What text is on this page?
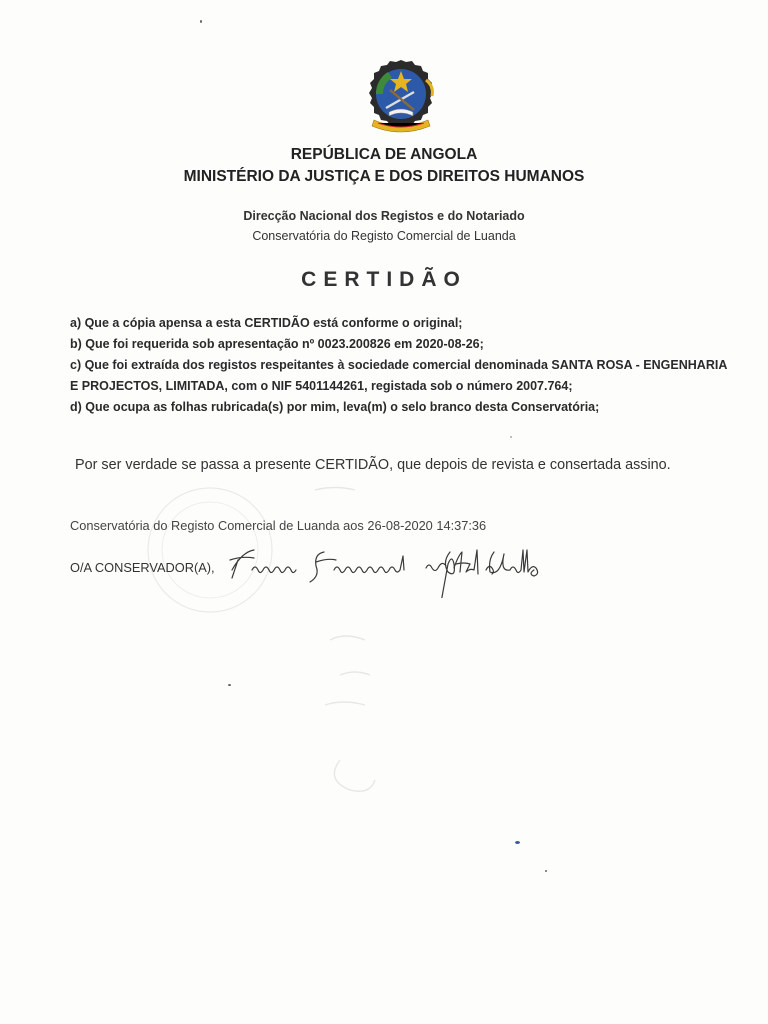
REPÚBLICA DE ANGOLA
MINISTÉRIO DA JUSTIÇA E DOS DIREITOS HUMANOS
Direcção Nacional dos Registos e do Notariado
Conservatória do Registo Comercial de Luanda
CERTIDÃO

a) Que a cópia apensa a esta CERTIDÃO está conforme o original;

b) Que foi requerida sob apresentação nº 0023.200826 em 2020-08-26;

c) Que foi extraída dos registos respeitantes à sociedade comercial denominada SANTA ROSA - ENGENHARIA E PROJECTOS, LIMITADA, com o NIF 5401144261, registada sob o número 2007.764;

d) Que ocupa as folhas rubricada(s) por mim, leva(m) o selo branco desta Conservatória;

Por ser verdade se passa a presente CERTIDÃO, que depois de revista e consertada assino.
Conservatória do Registo Comercial de Luanda aos 26-08-2020 14:37:36
O/A CONSERVADOR(A),
